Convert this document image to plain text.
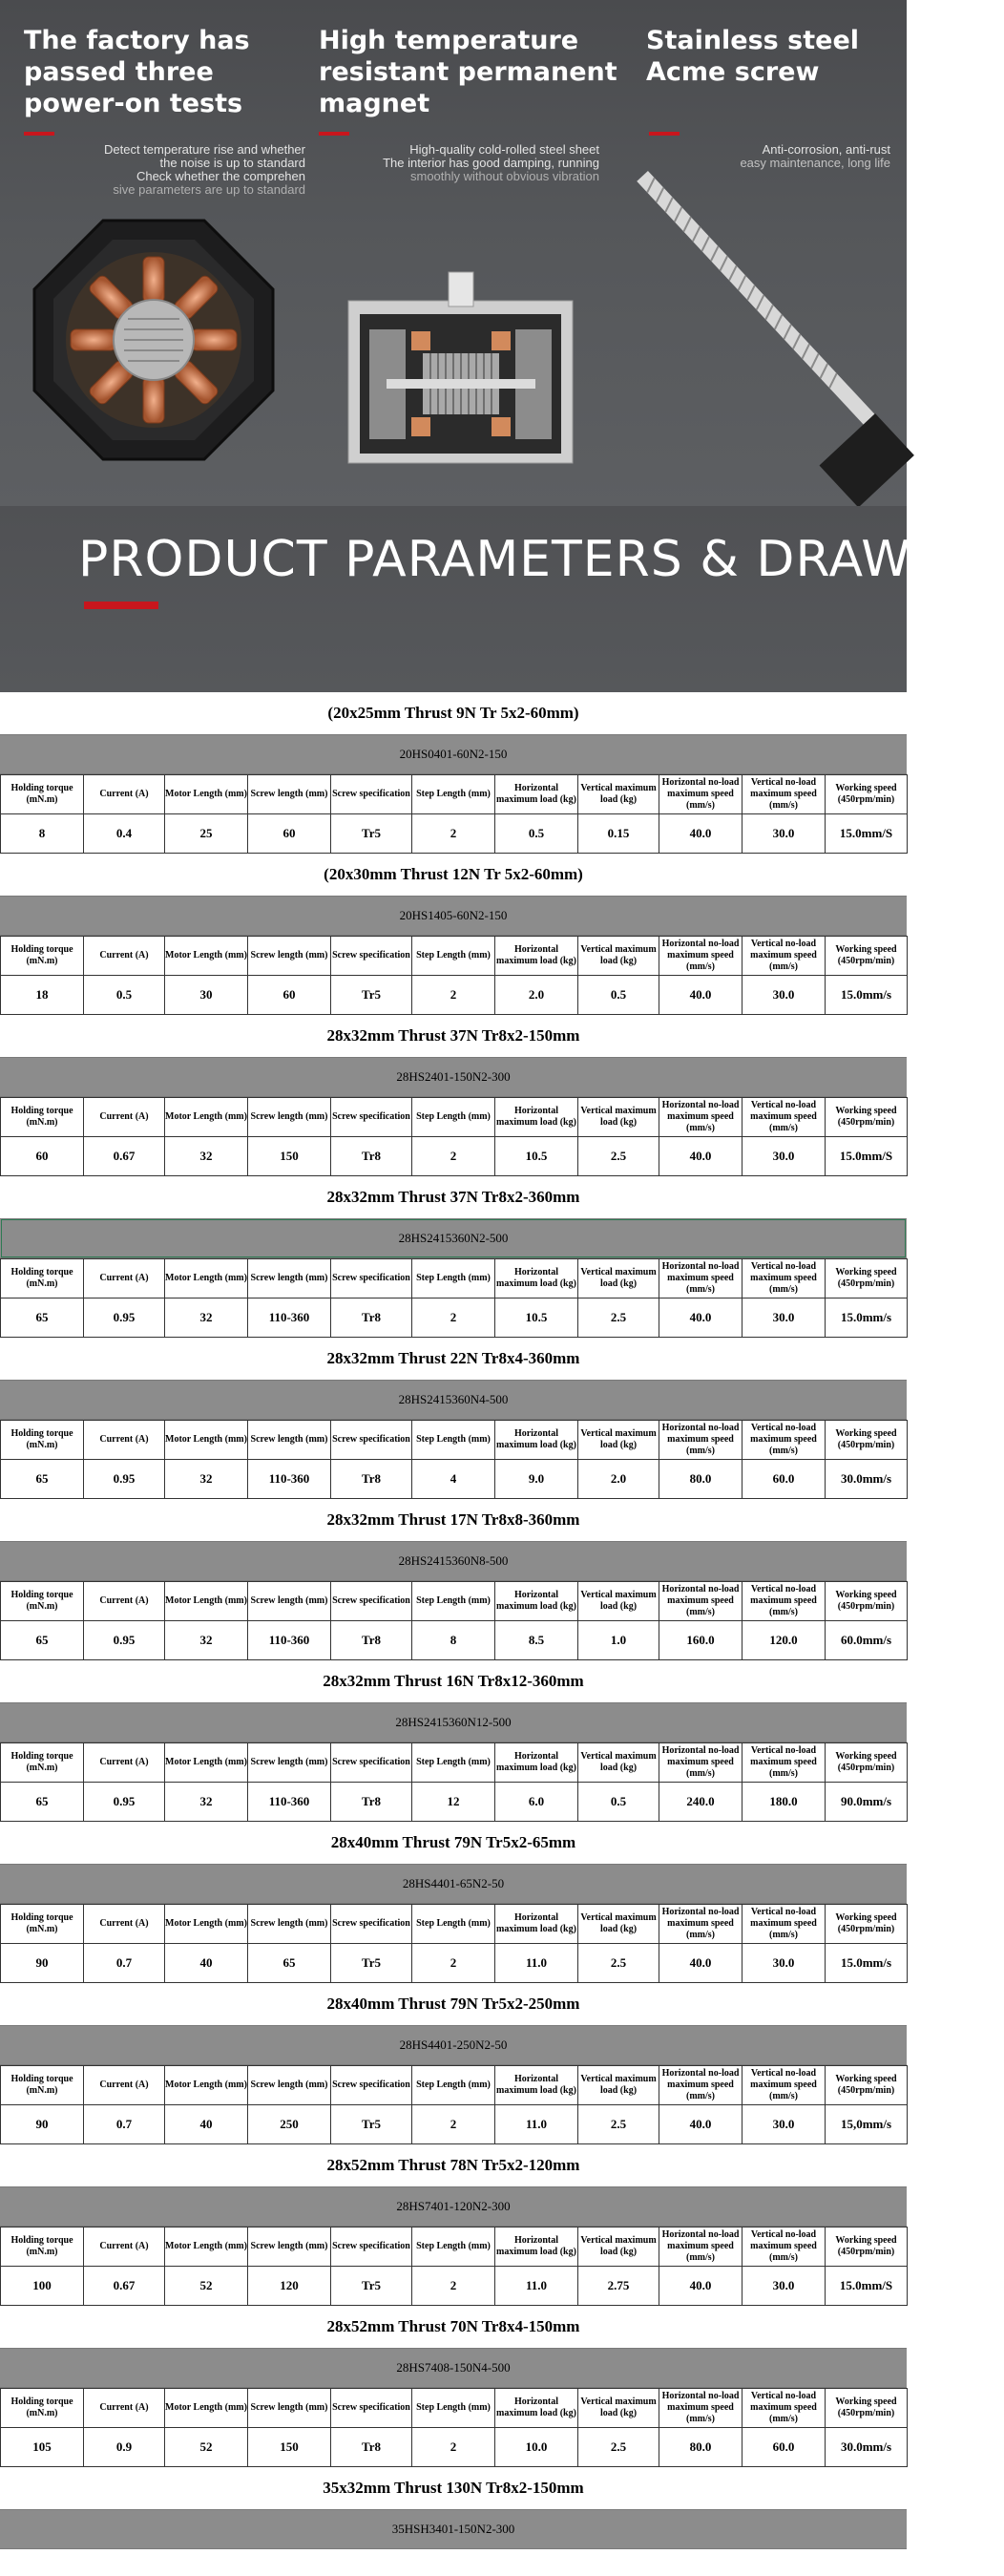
The factory has
passed three
power-on tests

Detect temperature rise and whether
the noise is up to standard
Check whether the comprehen
sive parameters are up to standard

High temperature
resistant permanent
magnet

High-quality cold-rolled steel sheet
The interior has good damping, running
smoothly without obvious vibration

Stainless steel
Acme screw

Anti-corrosion, anti-rust
easy maintenance, long life

PRODUCT PARAMETERS & DRAWING
(20x25mm Thrust 9N Tr 5x2-60mm)
20HS0401-60N2-150
Holding torque (mN.m)	Current (A)	Motor Length (mm)	Screw length (mm)	Screw specification	Step Length (mm)	Horizontal maximum load (kg)	Vertical maximum load (kg)	Horizontal no-load maximum speed (mm/s)	Vertical no-load maximum speed (mm/s)	Working speed (450rpm/min)
8	0.4	25	60	Tr5	2	0.5	0.15	40.0	30.0	15.0mm/S
(20x30mm Thrust 12N Tr 5x2-60mm)
20HS1405-60N2-150
Holding torque (mN.m)	Current (A)	Motor Length (mm)	Screw length (mm)	Screw specification	Step Length (mm)	Horizontal maximum load (kg)	Vertical maximum load (kg)	Horizontal no-load maximum speed (mm/s)	Vertical no-load maximum speed (mm/s)	Working speed (450rpm/min)
18	0.5	30	60	Tr5	2	2.0	0.5	40.0	30.0	15.0mm/s
28x32mm Thrust 37N Tr8x2-150mm
28HS2401-150N2-300
Holding torque (mN.m)	Current (A)	Motor Length (mm)	Screw length (mm)	Screw specification	Step Length (mm)	Horizontal maximum load (kg)	Vertical maximum load (kg)	Horizontal no-load maximum speed (mm/s)	Vertical no-load maximum speed (mm/s)	Working speed (450rpm/min)
60	0.67	32	150	Tr8	2	10.5	2.5	40.0	30.0	15.0mm/S
28x32mm Thrust 37N Tr8x2-360mm
28HS2415360N2-500
Holding torque (mN.m)	Current (A)	Motor Length (mm)	Screw length (mm)	Screw specification	Step Length (mm)	Horizontal maximum load (kg)	Vertical maximum load (kg)	Horizontal no-load maximum speed (mm/s)	Vertical no-load maximum speed (mm/s)	Working speed (450rpm/min)
65	0.95	32	110-360	Tr8	2	10.5	2.5	40.0	30.0	15.0mm/s
28x32mm Thrust 22N Tr8x4-360mm
28HS2415360N4-500
Holding torque (mN.m)	Current (A)	Motor Length (mm)	Screw length (mm)	Screw specification	Step Length (mm)	Horizontal maximum load (kg)	Vertical maximum load (kg)	Horizontal no-load maximum speed (mm/s)	Vertical no-load maximum speed (mm/s)	Working speed (450rpm/min)
65	0.95	32	110-360	Tr8	4	9.0	2.0	80.0	60.0	30.0mm/s
28x32mm Thrust 17N Tr8x8-360mm
28HS2415360N8-500
Holding torque (mN.m)	Current (A)	Motor Length (mm)	Screw length (mm)	Screw specification	Step Length (mm)	Horizontal maximum load (kg)	Vertical maximum load (kg)	Horizontal no-load maximum speed (mm/s)	Vertical no-load maximum speed (mm/s)	Working speed (450rpm/min)
65	0.95	32	110-360	Tr8	8	8.5	1.0	160.0	120.0	60.0mm/s
28x32mm Thrust 16N Tr8x12-360mm
28HS2415360N12-500
Holding torque (mN.m)	Current (A)	Motor Length (mm)	Screw length (mm)	Screw specification	Step Length (mm)	Horizontal maximum load (kg)	Vertical maximum load (kg)	Horizontal no-load maximum speed (mm/s)	Vertical no-load maximum speed (mm/s)	Working speed (450rpm/min)
65	0.95	32	110-360	Tr8	12	6.0	0.5	240.0	180.0	90.0mm/s
28x40mm Thrust 79N Tr5x2-65mm
28HS4401-65N2-50
Holding torque (mN.m)	Current (A)	Motor Length (mm)	Screw length (mm)	Screw specification	Step Length (mm)	Horizontal maximum load (kg)	Vertical maximum load (kg)	Horizontal no-load maximum speed (mm/s)	Vertical no-load maximum speed (mm/s)	Working speed (450rpm/min)
90	0.7	40	65	Tr5	2	11.0	2.5	40.0	30.0	15.0mm/s
28x40mm Thrust 79N Tr5x2-250mm
28HS4401-250N2-50
Holding torque (mN.m)	Current (A)	Motor Length (mm)	Screw length (mm)	Screw specification	Step Length (mm)	Horizontal maximum load (kg)	Vertical maximum load (kg)	Horizontal no-load maximum speed (mm/s)	Vertical no-load maximum speed (mm/s)	Working speed (450rpm/min)
90	0.7	40	250	Tr5	2	11.0	2.5	40.0	30.0	15,0mm/s
28x52mm Thrust 78N Tr5x2-120mm
28HS7401-120N2-300
Holding torque (mN.m)	Current (A)	Motor Length (mm)	Screw length (mm)	Screw specification	Step Length (mm)	Horizontal maximum load (kg)	Vertical maximum load (kg)	Horizontal no-load maximum speed (mm/s)	Vertical no-load maximum speed (mm/s)	Working speed (450rpm/min)
100	0.67	52	120	Tr5	2	11.0	2.75	40.0	30.0	15.0mm/S
28x52mm Thrust 70N Tr8x4-150mm
28HS7408-150N4-500
Holding torque (mN.m)	Current (A)	Motor Length (mm)	Screw length (mm)	Screw specification	Step Length (mm)	Horizontal maximum load (kg)	Vertical maximum load (kg)	Horizontal no-load maximum speed (mm/s)	Vertical no-load maximum speed (mm/s)	Working speed (450rpm/min)
105	0.9	52	150	Tr8	2	10.0	2.5	80.0	60.0	30.0mm/s
35x32mm Thrust 130N Tr8x2-150mm
35HSH3401-150N2-300
